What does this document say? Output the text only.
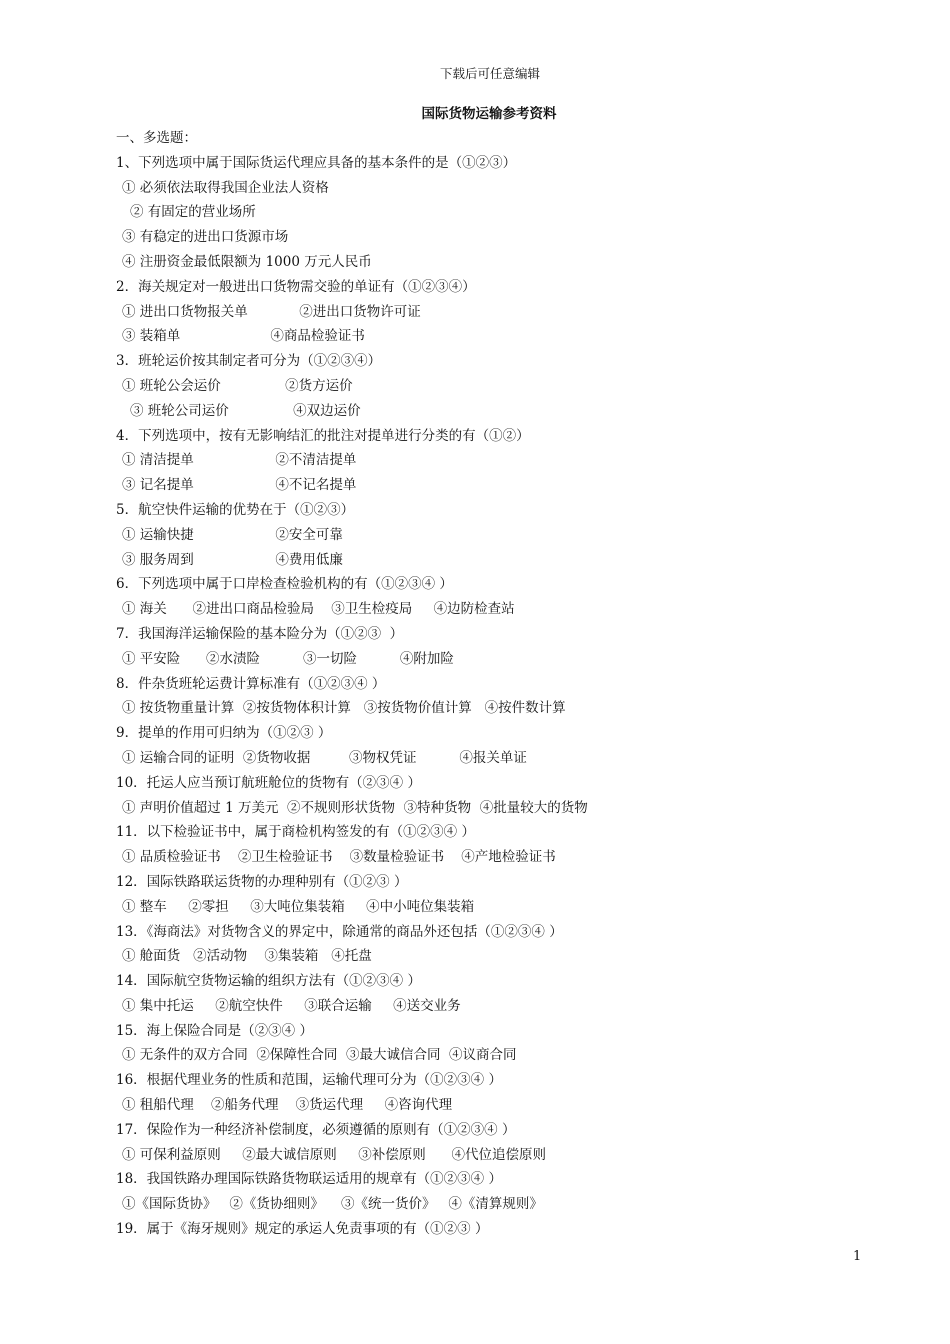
下载后可任意编辑
国际货物运输参考资料
一、多选题：
1、下列选项中属于国际货运代理应具备的基本条件的是（①②③）
① 必须依法取得我国企业法人资格
② 有固定的营业场所
③ 有稳定的进出口货源市场
④ 注册资金最低限额为 1000 万元人民币
2．海关规定对一般进出口货物需交验的单证有（①②③④）
① 进出口货物报关单            ②进出口货物许可证
③ 装箱单                     ④商品检验证书
3．班轮运价按其制定者可分为（①②③④）
① 班轮公会运价               ②货方运价
③ 班轮公司运价               ④双边运价
4．下列选项中，按有无影响结汇的批注对提单进行分类的有（①②）
① 清洁提单                   ②不清洁提单
③ 记名提单                   ④不记名提单
5．航空快件运输的优势在于（①②③）
① 运输快捷                   ②安全可靠
③ 服务周到                   ④费用低廉
6．下列选项中属于口岸检查检验机构的有（①②③④ ）
① 海关      ②进出口商品检验局    ③卫生检疫局     ④边防检查站
7．我国海洋运输保险的基本险分为（①②③  ）
① 平安险      ②水渍险          ③一切险          ④附加险
8．件杂货班轮运费计算标准有（①②③④ ）
① 按货物重量计算  ②按货物体积计算   ③按货物价值计算   ④按件数计算
9．提单的作用可归纳为（①②③ ）
① 运输合同的证明  ②货物收据         ③物权凭证          ④报关单证
10．托运人应当预订航班舱位的货物有（②③④ ）
① 声明价值超过 1 万美元  ②不规则形状货物  ③特种货物  ④批量较大的货物
11．以下检验证书中，属于商检机构签发的有（①②③④ ）
① 品质检验证书    ②卫生检验证书    ③数量检验证书    ④产地检验证书
12．国际铁路联运货物的办理种别有（①②③ ）
① 整车     ②零担     ③大吨位集装箱     ④中小吨位集装箱
13．《海商法》对货物含义的界定中，除通常的商品外还包括（①②③④ ）
① 舱面货   ②活动物    ③集装箱   ④托盘
14．国际航空货物运输的组织方法有（①②③④ ）
① 集中托运     ②航空快件     ③联合运输     ④送交业务
15．海上保险合同是（②③④ ）
① 无条件的双方合同  ②保障性合同  ③最大诚信合同  ④议商合同
16．根据代理业务的性质和范围，运输代理可分为（①②③④ ）
① 租船代理    ②船务代理    ③货运代理     ④咨询代理
17．保险作为一种经济补偿制度，必须遵循的原则有（①②③④ ）
① 可保利益原则     ②最大诚信原则     ③补偿原则      ④代位追偿原则
18．我国铁路办理国际铁路货物联运适用的规章有（①②③④ ）
①《国际货协》   ②《货协细则》    ③《统一货价》   ④《清算规则》
19．属于《海牙规则》规定的承运人免责事项的有（①②③ ）
1
